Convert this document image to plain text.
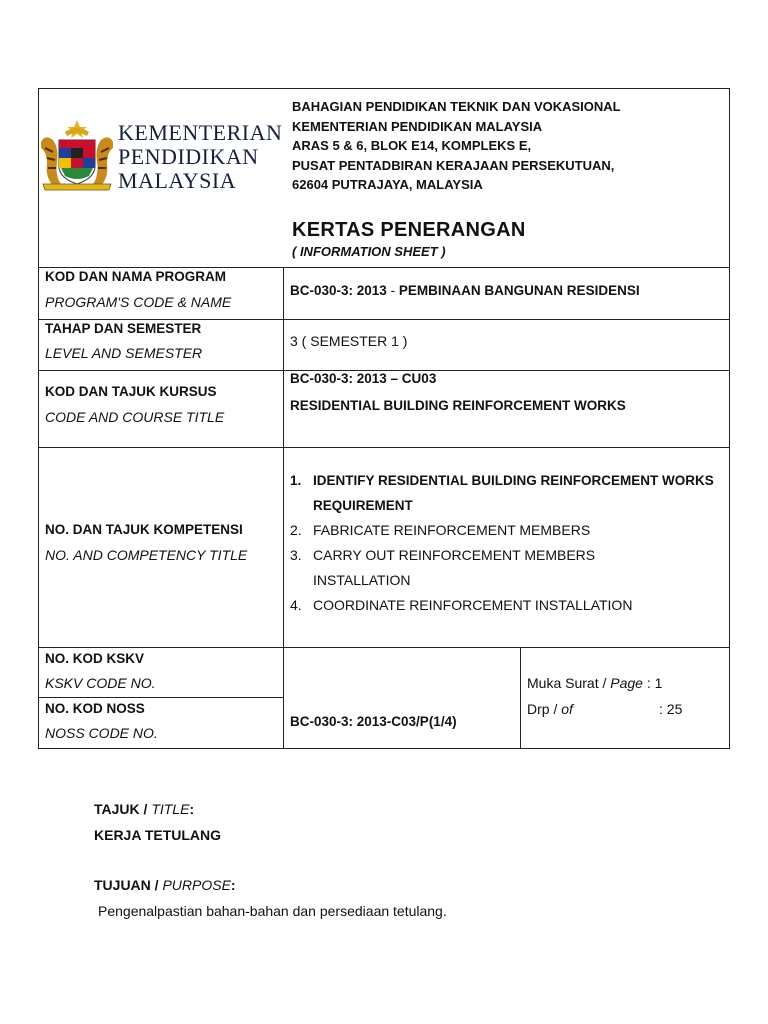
KEMENTERIAN
PENDIDIKAN
MALAYSIA
BAHAGIAN PENDIDIKAN TEKNIK DAN VOKASIONAL
KEMENTERIAN PENDIDIKAN MALAYSIA
ARAS 5 & 6, BLOK E14, KOMPLEKS E,
PUSAT PENTADBIRAN KERAJAAN PERSEKUTUAN,
62604 PUTRAJAYA, MALAYSIA
KERTAS PENERANGAN
( INFORMATION SHEET )
KOD DAN NAMA PROGRAM
PROGRAM'S CODE & NAME
BC-030-3: 2013 - PEMBINAAN BANGUNAN RESIDENSI
TAHAP DAN SEMESTER
LEVEL AND SEMESTER
3 ( SEMESTER 1 )
KOD DAN TAJUK KURSUS
CODE AND COURSE TITLE
BC-030-3: 2013 – CU03
RESIDENTIAL BUILDING REINFORCEMENT WORKS
NO. DAN TAJUK KOMPETENSI
NO. AND COMPETENCY TITLE
1. IDENTIFY RESIDENTIAL BUILDING REINFORCEMENT WORKS REQUIREMENT
2. FABRICATE REINFORCEMENT MEMBERS
3. CARRY OUT REINFORCEMENT MEMBERS INSTALLATION
4. COORDINATE REINFORCEMENT INSTALLATION
NO. KOD KSKV
KSKV CODE NO.
NO. KOD NOSS
NOSS CODE NO.
BC-030-3: 2013-C03/P(1/4)
Muka Surat / Page : 1
Drp / of	: 25
TAJUK / TITLE:
KERJA TETULANG
TUJUAN / PURPOSE:
Pengenalpastian bahan-bahan dan persediaan tetulang.
